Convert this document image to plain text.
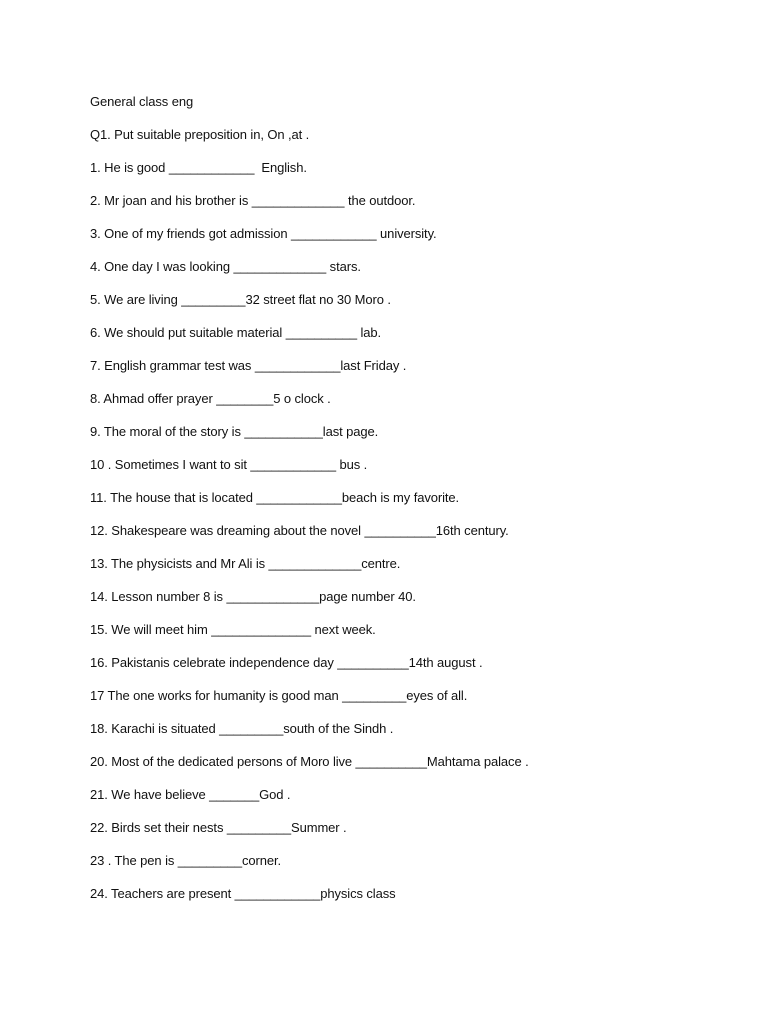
General class eng
Q1. Put suitable preposition in, On ,at .
1. He is good ____________  English.
2. Mr joan and his brother is _____________ the outdoor.
3. One of my friends got admission ____________ university.
4. One day I was looking _____________ stars.
5. We are living _________32 street flat no 30 Moro .
6. We should put suitable material __________ lab.
7. English grammar test was ____________last Friday .
8. Ahmad offer prayer ________5 o clock .
9. The moral of the story is ___________last page.
10 . Sometimes I want to sit ____________ bus .
11. The house that is located ____________beach is my favorite.
12. Shakespeare was dreaming about the novel __________16th century.
13. The physicists and Mr Ali is _____________centre.
14. Lesson number 8 is _____________page number 40.
15. We will meet him ______________ next week.
16. Pakistanis celebrate independence day __________14th august .
17 The one works for humanity is good man _________eyes of all.
18. Karachi is situated _________south of the Sindh .
20. Most of the dedicated persons of Moro live __________Mahtama palace .
21. We have believe _______God .
22. Birds set their nests _________Summer .
23 . The pen is _________corner.
24. Teachers are present ____________physics class
